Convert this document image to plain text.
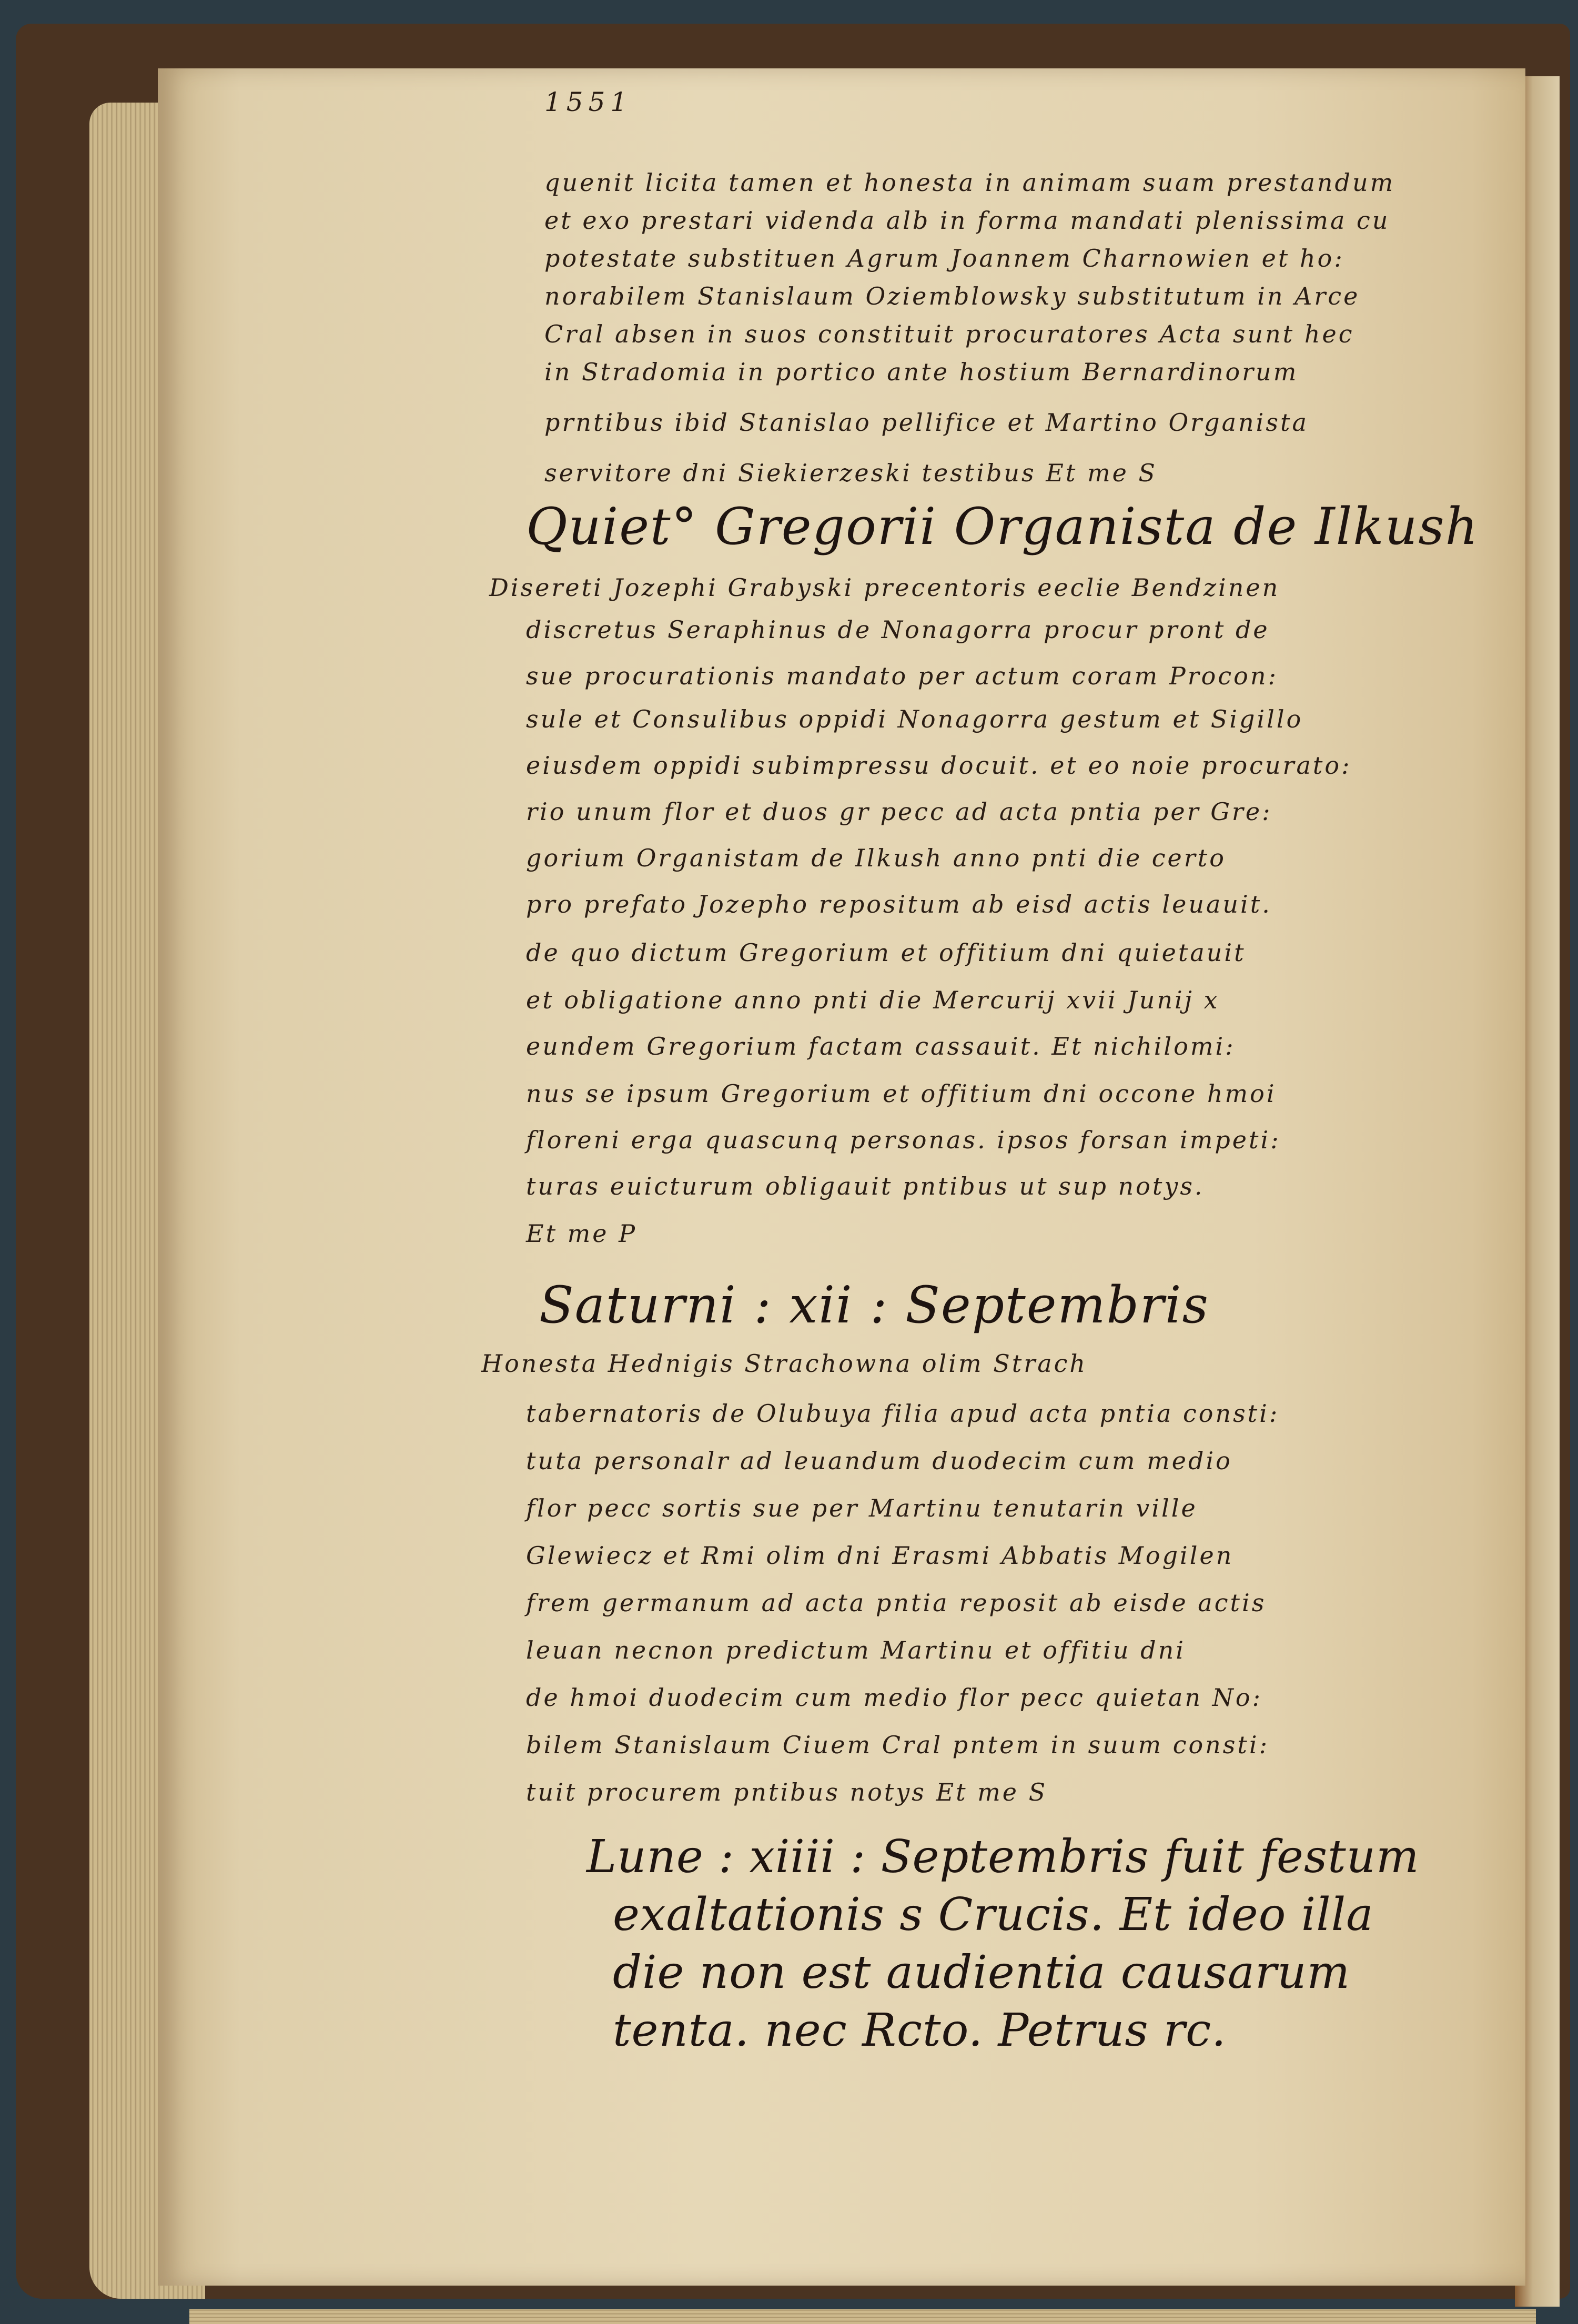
1551
quenit licita tamen et honesta in animam suam prestandum
et exo prestari videnda alb in forma mandati plenissima cu
potestate substituen Agrum Joannem Charnowien et ho:
norabilem Stanislaum Oziemblowsky substitutum in Arce
Cral absen in suos constituit procuratores Acta sunt hec
in Stradomia in portico ante hostium Bernardinorum
prntibus ibid Stanislao pellifice et Martino Organista
servitore dni Siekierzeski testibus Et me S
Quiet° Gregorii Organista de Ilkush
Disereti Jozephi Grabyski precentoris eeclie Bendzinen
discretus Seraphinus de Nonagorra procur pront de
sue procurationis mandato per actum coram Procon:
sule et Consulibus oppidi Nonagorra gestum et Sigillo
eiusdem oppidi subimpressu docuit. et eo noie procurato:
rio unum flor et duos gr pecc ad acta pntia per Gre:
gorium Organistam de Ilkush anno pnti die certo
pro prefato Jozepho repositum ab eisd actis leuauit.
de quo dictum Gregorium et offitium dni quietauit
et obligatione anno pnti die Mercurij xvii Junij x
eundem Gregorium factam cassauit. Et nichilomi:
nus se ipsum Gregorium et offitium dni occone hmoi
floreni erga quascunq personas. ipsos forsan impeti:
turas euicturum obligauit pntibus ut sup notys.
Et me P
Saturni : xii : Septembris
Honesta Hednigis Strachowna olim Strach
tabernatoris de Olubuya filia apud acta pntia consti:
tuta personalr ad leuandum duodecim cum medio
flor pecc sortis sue per Martinu tenutarin ville
Glewiecz et Rmi olim dni Erasmi Abbatis Mogilen
frem germanum ad acta pntia reposit ab eisde actis
leuan necnon predictum Martinu et offitiu dni
de hmoi duodecim cum medio flor pecc quietan No:
bilem Stanislaum Ciuem Cral pntem in suum consti:
tuit procurem pntibus notys Et me S
Lune : xiiii : Septembris fuit festum
exaltationis s Crucis. Et ideo illa
die non est audientia causarum
tenta. nec Rcto. Petrus rc.
